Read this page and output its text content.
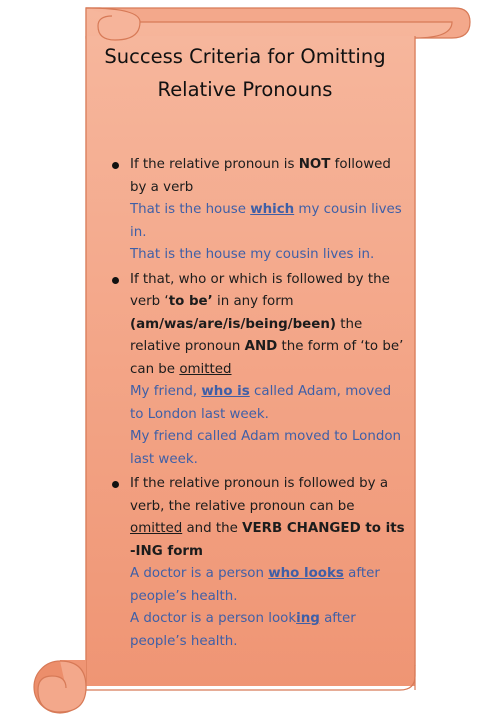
Success Criteria for Omitting
Relative Pronouns
If the relative pronoun is NOT followed by a verb
That is the house which my cousin lives in.
That is the house my cousin lives in.
If that, who or which is followed by the verb ‘to be’ in any form (am/was/are/is/being/been) the relative pronoun AND the form of ‘to be’ can be omitted
My friend, who is called Adam, moved to London last week.
My friend called Adam moved to London last week.
If the relative pronoun is followed by a verb, the relative pronoun can be omitted and the VERB CHANGED to its -ING form
A doctor is a person who looks after people’s health.
A doctor is a person looking after people’s health.
